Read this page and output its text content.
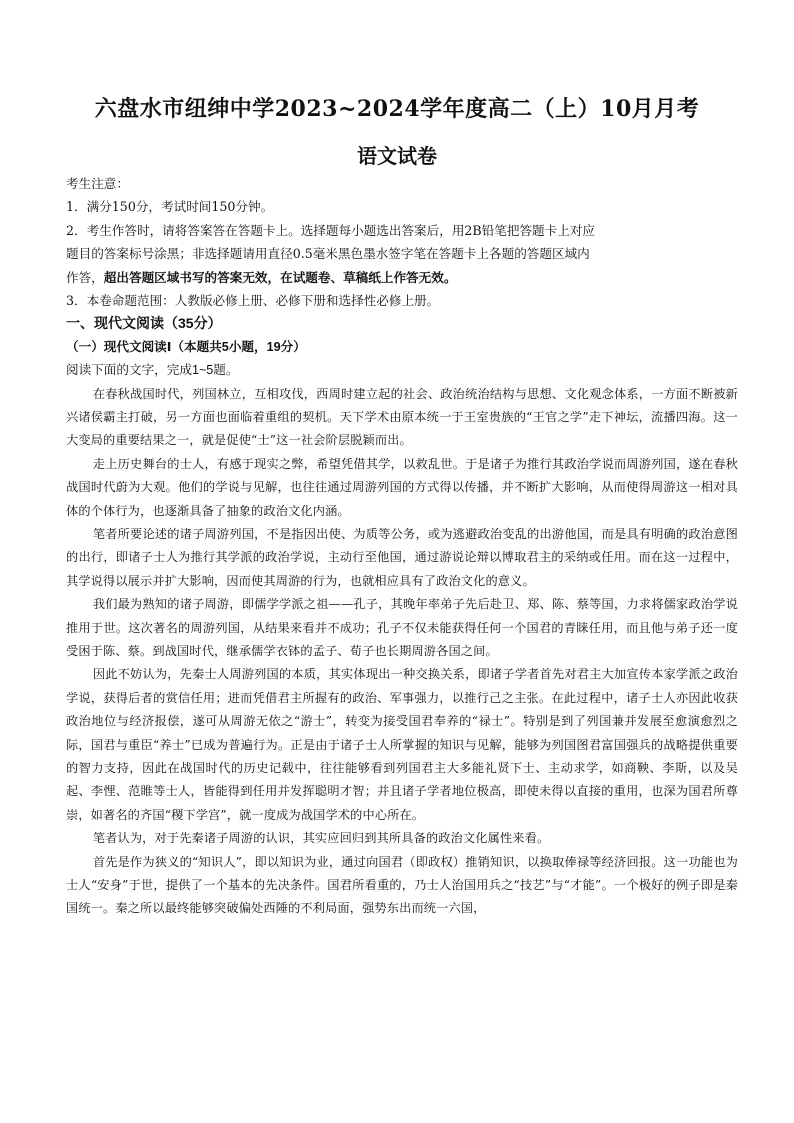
六盘水市纽绅中学2023~2024学年度高二（上）10月月考
语文试卷
考生注意：
1．满分150分，考试时间150分钟。
2．考生作答时，请将答案答在答题卡上。选择题每小题选出答案后，用2B铅笔把答题卡上对应
题目的答案标号涂黑；非选择题请用直径0.5毫米黑色墨水签字笔在答题卡上各题的答题区域内
作答，超出答题区域书写的答案无效，在试题卷、草稿纸上作答无效。
3．本卷命题范围：人教版必修上册、必修下册和选择性必修上册。
一、现代文阅读（35分）
（一）现代文阅读Ⅰ（本题共5小题，19分）
阅读下面的文字，完成1~5题。
在春秋战国时代，列国林立，互相攻伐，西周时建立起的社会、政治统治结构与思想、文化观念体系，一方面不断被新兴诸侯霸主打破，另一方面也面临着重组的契机。天下学术由原本统一于王室贵族的“王官之学”走下神坛，流播四海。这一大变局的重要结果之一，就是促使“士”这一社会阶层脱颖而出。
走上历史舞台的士人，有感于现实之弊，希望凭借其学，以救乱世。于是诸子为推行其政治学说而周游列国，遂在春秋战国时代蔚为大观。他们的学说与见解，也往往通过周游列国的方式得以传播，并不断扩大影响，从而使得周游这一相对具体的个体行为，也逐渐具备了抽象的政治文化内涵。
笔者所要论述的诸子周游列国，不是指因出使、为质等公务，或为逃避政治变乱的出游他国，而是具有明确的政治意图的出行，即诸子士人为推行其学派的政治学说，主动行至他国，通过游说论辩以博取君主的采纳或任用。而在这一过程中，其学说得以展示并扩大影响，因而使其周游的行为，也就相应具有了政治文化的意义。
我们最为熟知的诸子周游，即儒学学派之祖——孔子，其晚年率弟子先后赴卫、郑、陈、蔡等国，力求将儒家政治学说推用于世。这次著名的周游列国，从结果来看并不成功；孔子不仅未能获得任何一个国君的青睐任用，而且他与弟子还一度受困于陈、蔡。到战国时代，继承儒学衣钵的孟子、荀子也长期周游各国之间。
因此不妨认为，先秦士人周游列国的本质，其实体现出一种交换关系，即诸子学者首先对君主大加宣传本家学派之政治学说，获得后者的赏信任用；进而凭借君主所握有的政治、军事强力，以推行己之主张。在此过程中，诸子士人亦因此收获政治地位与经济报偿，遂可从周游无依之“游士”，转变为接受国君奉养的“禄士”。特别是到了列国兼并发展至愈演愈烈之际，国君与重臣“养士”已成为普遍行为。正是由于诸子士人所掌握的知识与见解，能够为列国图君富国强兵的战略提供重要的智力支持，因此在战国时代的历史记载中，往往能够看到列国君主大多能礼贤下士、主动求学，如商鞅、李斯，以及吴起、李悝、范睢等士人，皆能得到任用并发挥聪明才智；并且诸子学者地位极高，即使未得以直接的重用，也深为国君所尊崇，如著名的齐国“稷下学宫”，就一度成为战国学术的中心所在。
笔者认为，对于先秦诸子周游的认识，其实应回归到其所具备的政治文化属性来看。
首先是作为狭义的“知识人”，即以知识为业，通过向国君（即政权）推销知识，以换取俸禄等经济回报。这一功能也为士人“安身”于世，提供了一个基本的先决条件。国君所看重的，乃士人治国用兵之“技艺”与“才能”。一个极好的例子即是秦国统一。秦之所以最终能够突破偏处西陲的不利局面，强势东出而统一六国，
